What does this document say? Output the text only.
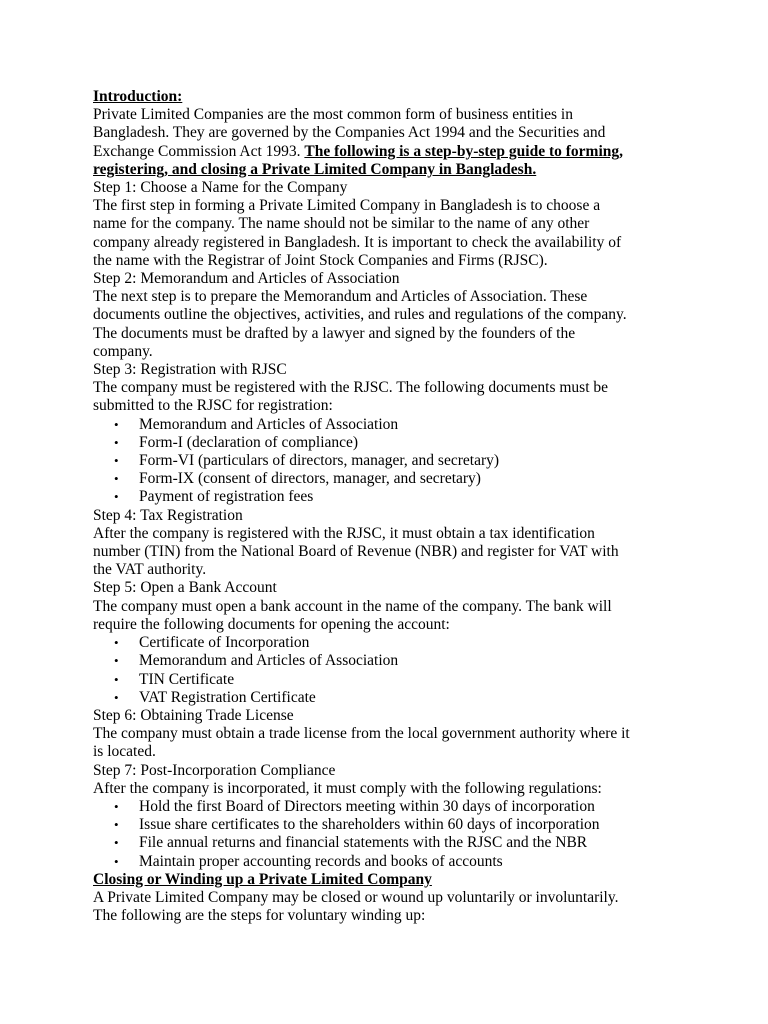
Introduction:
Private Limited Companies are the most common form of business entities in
Bangladesh. They are governed by the Companies Act 1994 and the Securities and
Exchange Commission Act 1993. The following is a step-by-step guide to forming,
registering, and closing a Private Limited Company in Bangladesh.
Step 1: Choose a Name for the Company
The first step in forming a Private Limited Company in Bangladesh is to choose a
name for the company. The name should not be similar to the name of any other
company already registered in Bangladesh. It is important to check the availability of
the name with the Registrar of Joint Stock Companies and Firms (RJSC).
Step 2: Memorandum and Articles of Association
The next step is to prepare the Memorandum and Articles of Association. These
documents outline the objectives, activities, and rules and regulations of the company.
The documents must be drafted by a lawyer and signed by the founders of the
company.
Step 3: Registration with RJSC
The company must be registered with the RJSC. The following documents must be
submitted to the RJSC for registration:
• Memorandum and Articles of Association
• Form-I (declaration of compliance)
• Form-VI (particulars of directors, manager, and secretary)
• Form-IX (consent of directors, manager, and secretary)
• Payment of registration fees
Step 4: Tax Registration
After the company is registered with the RJSC, it must obtain a tax identification
number (TIN) from the National Board of Revenue (NBR) and register for VAT with
the VAT authority.
Step 5: Open a Bank Account
The company must open a bank account in the name of the company. The bank will
require the following documents for opening the account:
• Certificate of Incorporation
• Memorandum and Articles of Association
• TIN Certificate
• VAT Registration Certificate
Step 6: Obtaining Trade License
The company must obtain a trade license from the local government authority where it
is located.
Step 7: Post-Incorporation Compliance
After the company is incorporated, it must comply with the following regulations:
• Hold the first Board of Directors meeting within 30 days of incorporation
• Issue share certificates to the shareholders within 60 days of incorporation
• File annual returns and financial statements with the RJSC and the NBR
• Maintain proper accounting records and books of accounts
Closing or Winding up a Private Limited Company
A Private Limited Company may be closed or wound up voluntarily or involuntarily.
The following are the steps for voluntary winding up:
